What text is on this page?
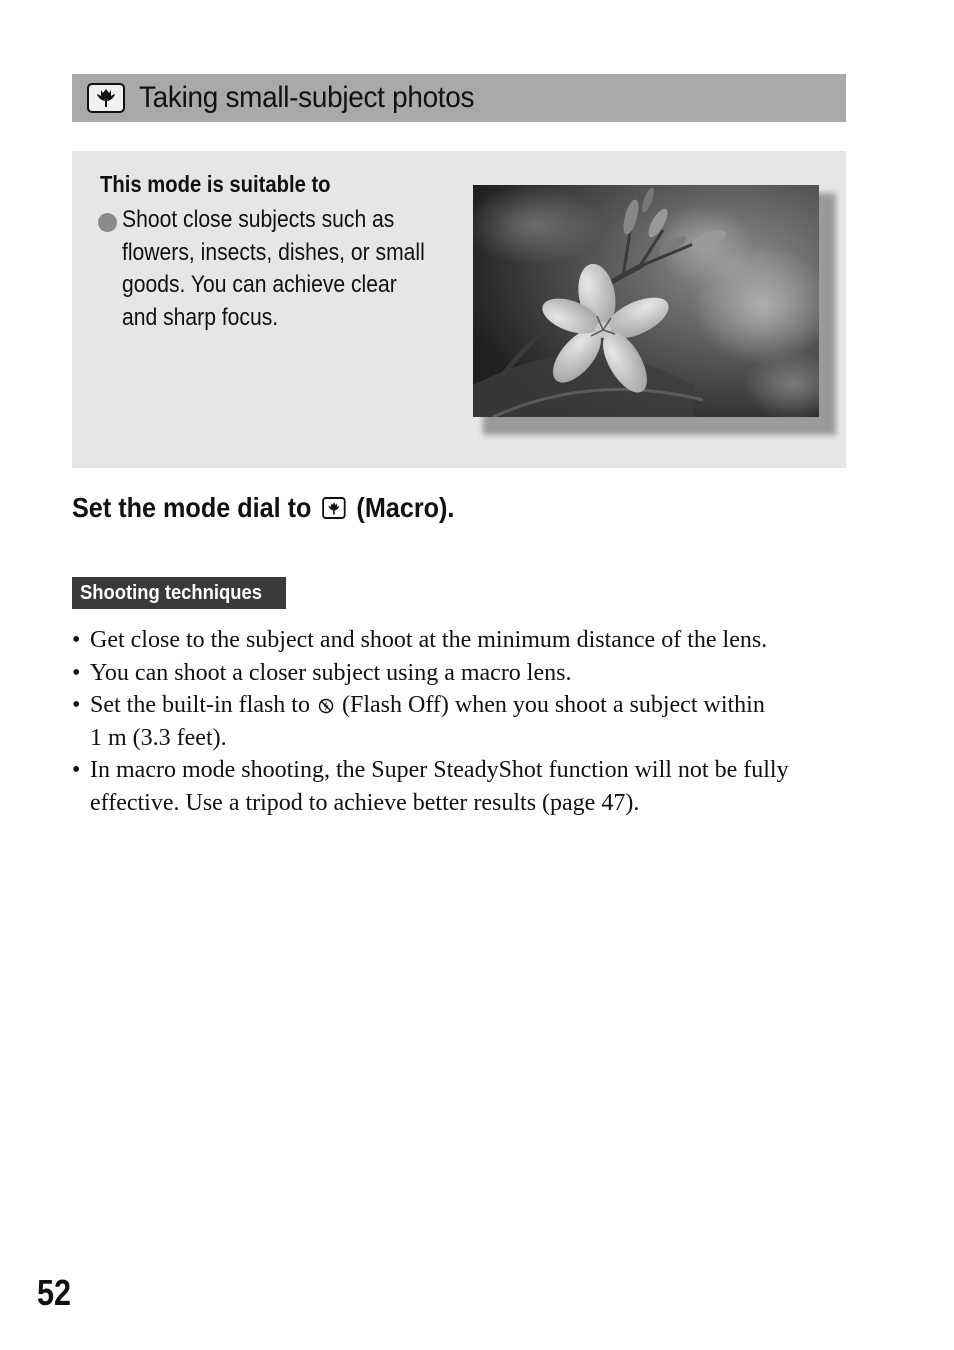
Taking small-subject photos
This mode is suitable to
Shoot close subjects such as flowers, insects, dishes, or small goods. You can achieve clear and sharp focus.
Set the mode dial to (Macro).
Shooting techniques
• Get close to the subject and shoot at the minimum distance of the lens.
• You can shoot a closer subject using a macro lens.
• Set the built-in flash to (Flash Off) when you shoot a subject within
1 m (3.3 feet).
• In macro mode shooting, the Super SteadyShot function will not be fully effective. Use a tripod to achieve better results (page 47).
52
